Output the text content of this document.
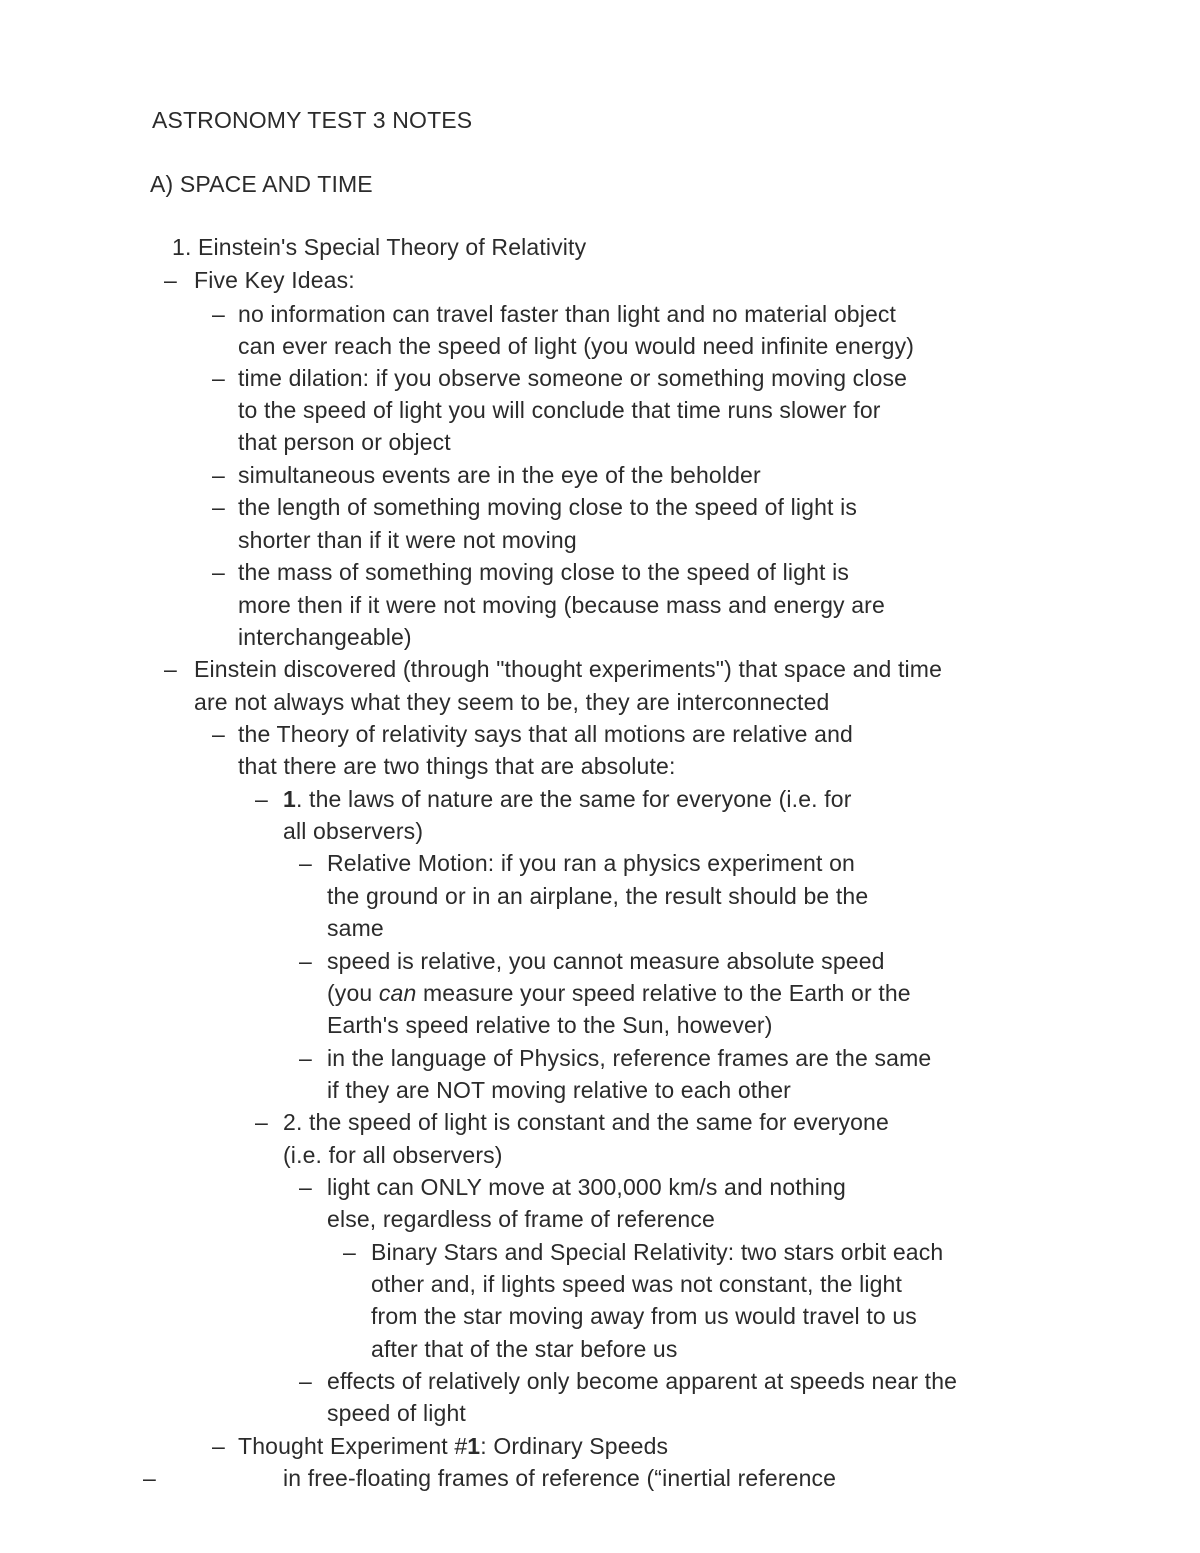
ASTRONOMY TEST 3 NOTES
A) SPACE AND TIME
1. Einstein's Special Theory of Relativity
– Five Key Ideas:
– no information can travel faster than light and no material object
can ever reach the speed of light (you would need infinite energy)
– time dilation: if you observe someone or something moving close
to the speed of light you will conclude that time runs slower for
that person or object
– simultaneous events are in the eye of the beholder
– the length of something moving close to the speed of light is
shorter than if it were not moving
– the mass of something moving close to the speed of light is
more then if it were not moving (because mass and energy are
interchangeable)
– Einstein discovered (through "thought experiments") that space and time
are not always what they seem to be, they are interconnected
– the Theory of relativity says that all motions are relative and
that there are two things that are absolute:
– 1. the laws of nature are the same for everyone (i.e. for
all observers)
– Relative Motion: if you ran a physics experiment on
the ground or in an airplane, the result should be the
same
– speed is relative, you cannot measure absolute speed
(you can measure your speed relative to the Earth or the
Earth's speed relative to the Sun, however)
– in the language of Physics, reference frames are the same
if they are NOT moving relative to each other
– 2. the speed of light is constant and the same for everyone
(i.e. for all observers)
– light can ONLY move at 300,000 km/s and nothing
else, regardless of frame of reference
– Binary Stars and Special Relativity: two stars orbit each
other and, if lights speed was not constant, the light
from the star moving away from us would travel to us
after that of the star before us
– effects of relatively only become apparent at speeds near the
speed of light
– Thought Experiment #1: Ordinary Speeds
–	in free-floating frames of reference (“inertial reference
